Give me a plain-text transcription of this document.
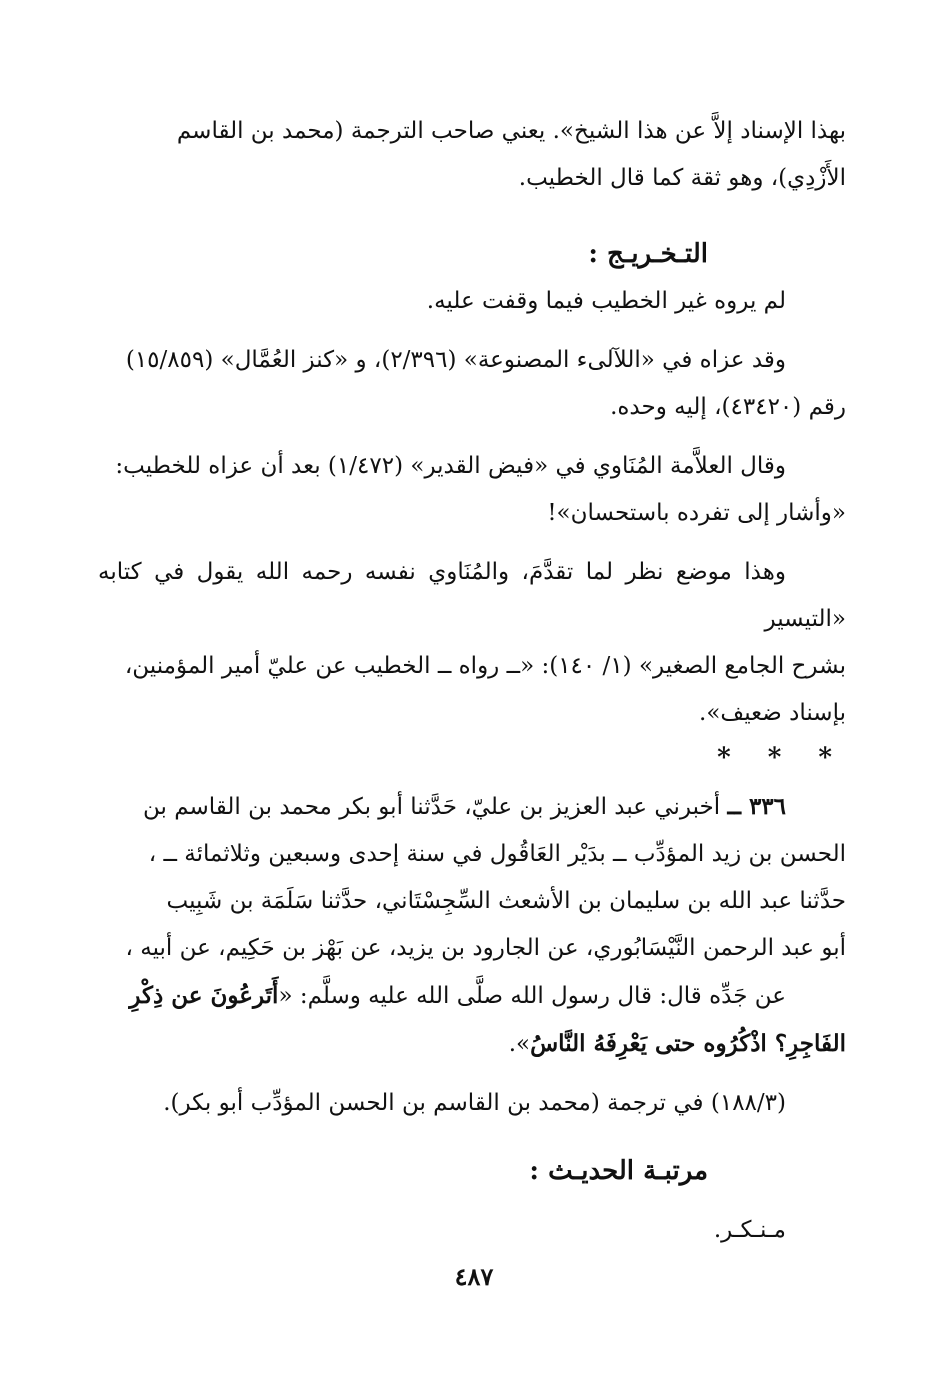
بهذا الإسناد إلاَّ عن هذا الشيخ». يعني صاحب الترجمة (محمد بن القاسم
الأَزْدِي)، وهو ثقة كما قال الخطيب.

التـخـريـج :

لم يروه غير الخطيب فيما وقفت عليه.

وقد عزاه في «اللآلىء المصنوعة» (٢/٣٩٦)، و «كنز العُمَّال» (١٥/٨٥٩)
رقم (٤٣٤٢٠)، إليه وحده.

وقال العلاَّمة المُنَاوي في «فيض القدير» (١/٤٧٢) بعد أن عزاه للخطيب:
«وأشار إلى تفرده باستحسان»!

وهذا موضع نظر لما تقدَّمَ، والمُنَاوي نفسه رحمه الله يقول في كتابه «التيسير
بشرح الجامع الصغير» (١/ ١٤٠): «ــ رواه ــ الخطيب عن عليّ أمير المؤمنين،
بإسناد ضعيف».

* * *

٣٣٦ ــ أخبرني عبد العزيز بن عليّ، حَدَّثنا أبو بكر محمد بن القاسم بن
الحسن بن زيد المؤدِّب ــ بدَيْر العَاقُول في سنة إحدى وسبعين وثلاثمائة ــ ،
حدَّثنا عبد الله بن سليمان بن الأشعث السِّجِسْتَاني، حدَّثنا سَلَمَة بن شَبِيب
أبو عبد الرحمن النَّيْسَابُوري، عن الجارود بن يزيد، عن بَهْز بن حَكِيم، عن أبيه ،
عن جَدِّه قال: قال رسول الله صلَّى الله عليه وسلَّم: «أَتَرعُونَ عن ذِكْرِ
الفَاجِرِ؟ اذْكُرُوه حتى يَعْرِفَهُ النَّاسُ».

(١٨٨/٣) في ترجمة (محمد بن القاسم بن الحسن المؤدِّب أبو بكر).

مرتبـة الحديـث :

مـنـكـر.

٤٨٧
